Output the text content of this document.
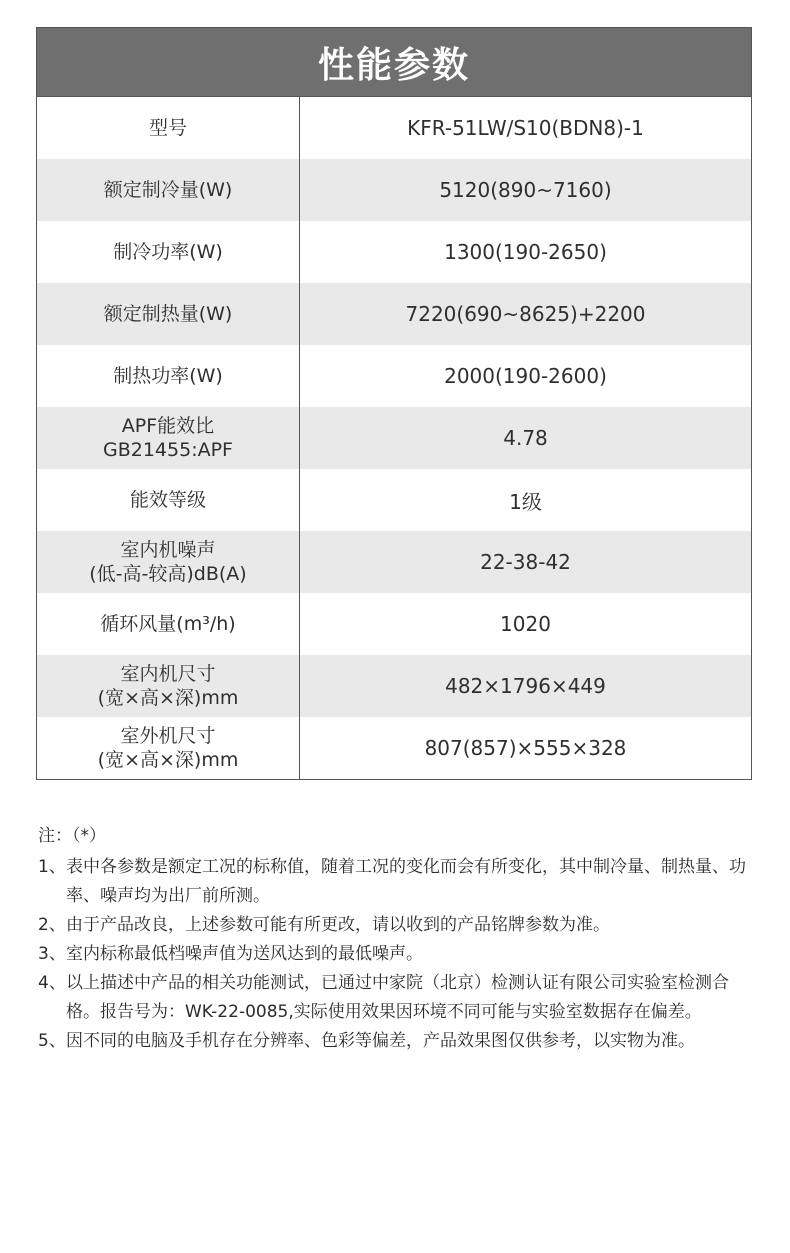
性能参数
型号	KFR-51LW/S10(BDN8)-1
额定制冷量(W)	5120(890~7160)
制冷功率(W)	1300(190-2650)
额定制热量(W)	7220(690~8625)+2200
制热功率(W)	2000(190-2600)
APF能效比
GB21455:APF	4.78
能效等级	1级
室内机噪声
(低-高-较高)dB(A)	22-38-42
循环风量(m³/h)	1020
室内机尺寸
(宽×高×深)mm	482×1796×449
室外机尺寸
(宽×高×深)mm	807(857)×555×328
注：（*）
1、 表中各参数是额定工况的标称值，随着工况的变化而会有所变化，其中制冷量、制热量、功率、噪声均为出厂前所测。
2、 由于产品改良，上述参数可能有所更改，请以收到的产品铭牌参数为准。
3、 室内标称最低档噪声值为送风达到的最低噪声。
4、 以上描述中产品的相关功能测试，已通过中家院（北京）检测认证有限公司实验室检测合格。报告号为：WK-22-0085,实际使用效果因环境不同可能与实验室数据存在偏差。
5、 因不同的电脑及手机存在分辨率、色彩等偏差，产品效果图仅供参考，以实物为准。
